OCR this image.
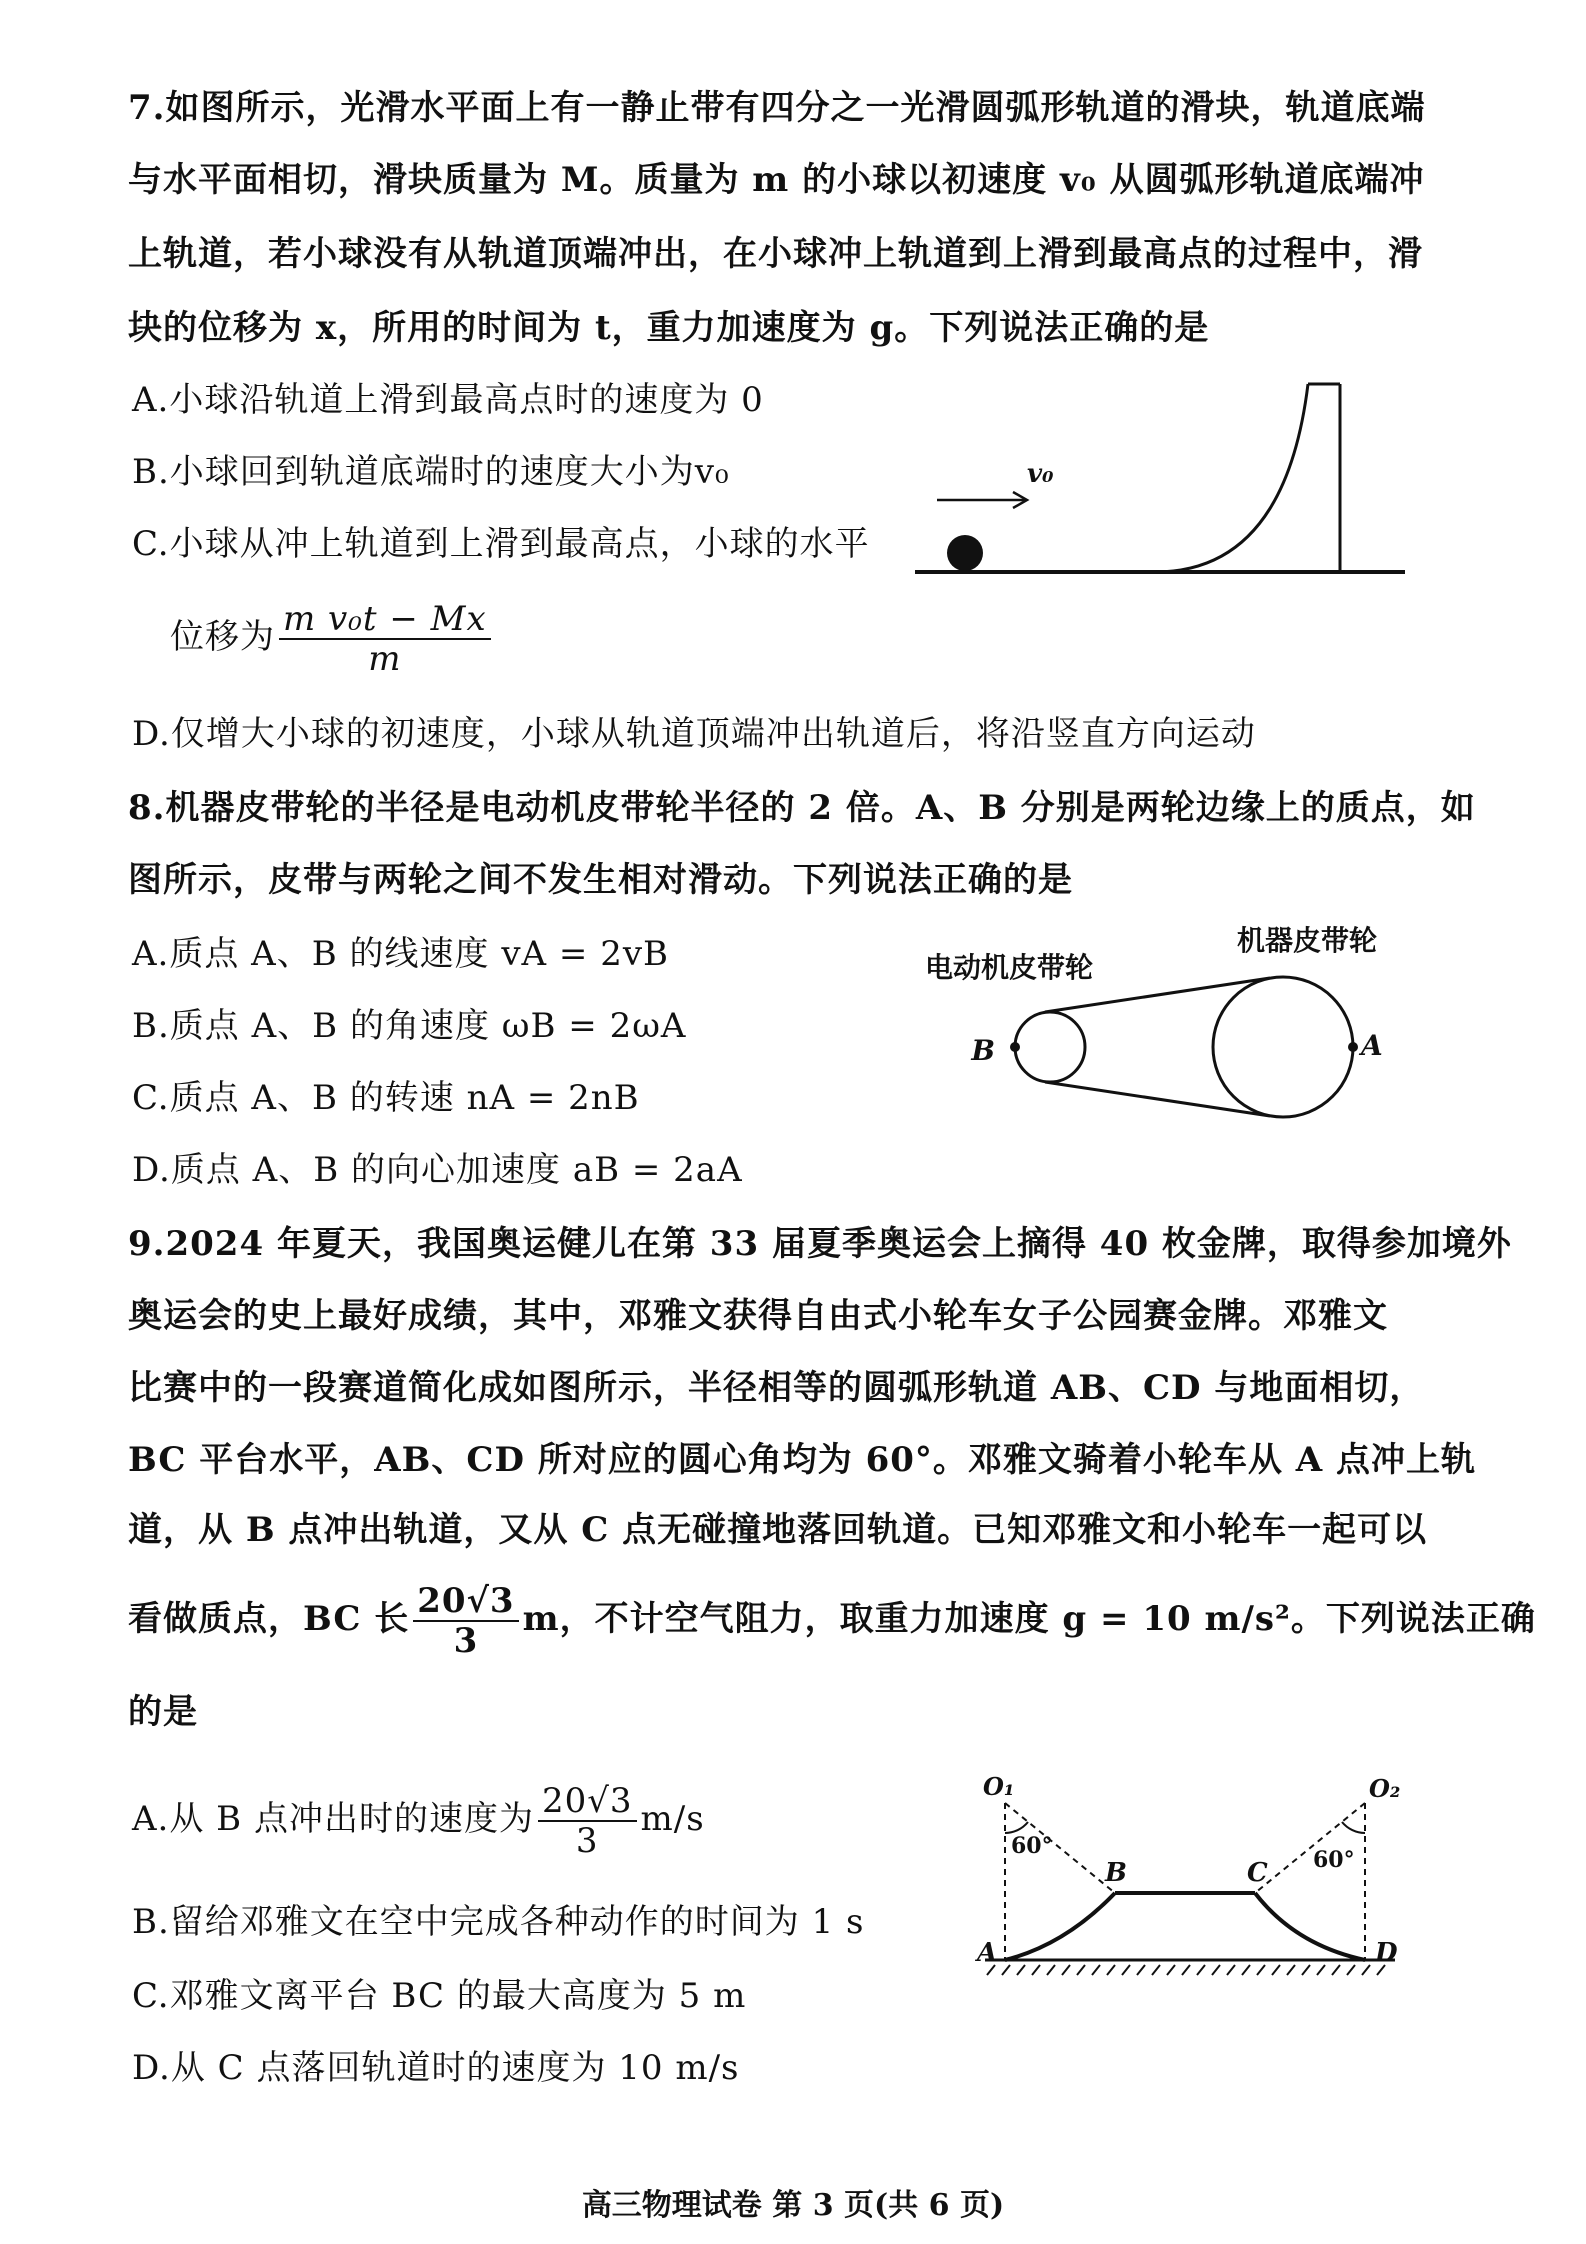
7.如图所示，光滑水平面上有一静止带有四分之一光滑圆弧形轨道的滑块，轨道底端
与水平面相切，滑块质量为 M。质量为 m 的小球以初速度 v₀ 从圆弧形轨道底端冲
上轨道，若小球没有从轨道顶端冲出，在小球冲上轨道到上滑到最高点的过程中，滑
块的位移为 x，所用的时间为 t，重力加速度为 g。下列说法正确的是
A.小球沿轨道上滑到最高点时的速度为 0
B.小球回到轨道底端时的速度大小为v₀
C.小球从冲上轨道到上滑到最高点，小球的水平
位移为 $\frac{\text{m v₀t − Mx}}{m}$
D.仅增大小球的初速度，小球从轨道顶端冲出轨道后，将沿竖直方向运动
v₀
8.机器皮带轮的半径是电动机皮带轮半径的 2 倍。A、B 分别是两轮边缘上的质点，如
图所示，皮带与两轮之间不发生相对滑动。下列说法正确的是
A.质点 A、B 的线速度 vA = 2vB
B.质点 A、B 的角速度 ωB = 2ωA
C.质点 A、B 的转速 nA = 2nB
D.质点 A、B 的向心加速度 aB = 2aA
B	A
电动机皮带轮
机器皮带轮
9.2024 年夏天，我国奥运健儿在第 33 届夏季奥运会上摘得 40 枚金牌，取得参加境外
奥运会的史上最好成绩，其中，邓雅文获得自由式小轮车女子公园赛金牌。邓雅文
比赛中的一段赛道简化成如图所示，半径相等的圆弧形轨道 AB、CD 与地面相切，
BC 平台水平，AB、CD 所对应的圆心角均为 60°。邓雅文骑着小轮车从 A 点冲上轨
道，从 B 点冲出轨道，又从 C 点无碰撞地落回轨道。已知邓雅文和小轮车一起可以
看做质点，BC 长 $\frac{20√3}{3}$ m，不计空气阻力，取重力加速度 g = 10 m/s²。下列说法正确
的是
A.从 B 点冲出时的速度为 $\frac{20√3}{3} m/s$
B.留给邓雅文在空中完成各种动作的时间为 1 s
C.邓雅文离平台 BC 的最大高度为 5 m
D.从 C 点落回轨道时的速度为 10 m/s
O₁	O₂
60°
60°
A
B	C
D
高三物理试卷 第 3 页(共 6 页)
